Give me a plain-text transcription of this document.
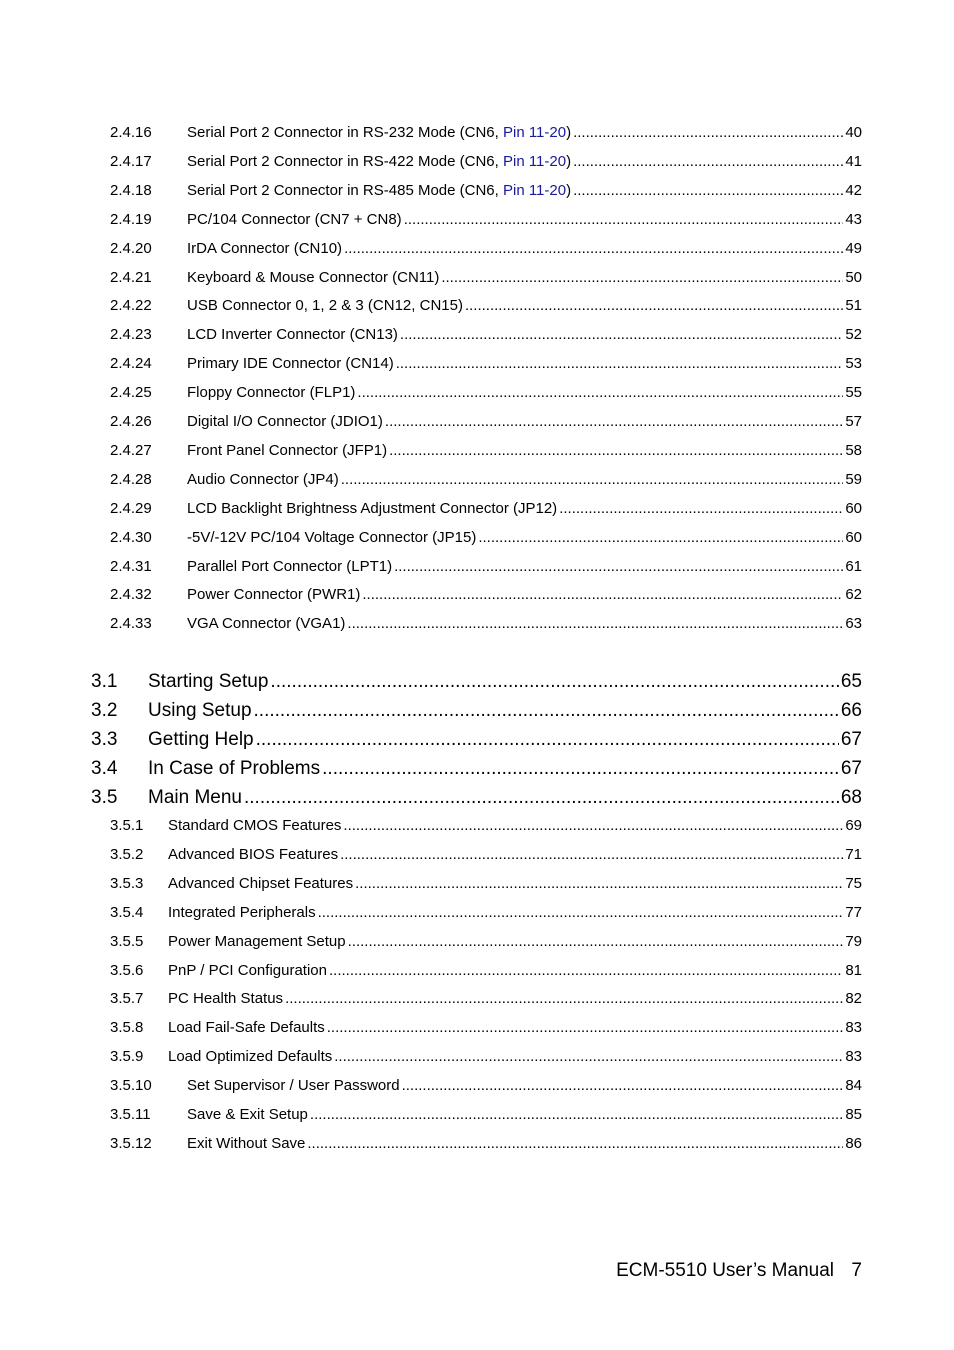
2.4.16 Serial Port 2 Connector in RS-232 Mode (CN6, Pin 11-20) .....	40
2.4.17 Serial Port 2 Connector in RS-422 Mode (CN6, Pin 11-20) .....	41
2.4.18 Serial Port 2 Connector in RS-485 Mode (CN6, Pin 11-20) .....	42
2.4.19 PC/104 Connector (CN7 + CN8) .....	43
2.4.20 IrDA Connector (CN10) .....	49
2.4.21 Keyboard & Mouse Connector (CN11) .....	50
2.4.22 USB Connector 0, 1, 2 & 3 (CN12, CN15) .....	51
2.4.23 LCD Inverter Connector (CN13) .....	52
2.4.24 Primary IDE Connector (CN14) .....	53
2.4.25 Floppy Connector (FLP1) .....	55
2.4.26 Digital I/O Connector (JDIO1) .....	57
2.4.27 Front Panel Connector (JFP1) .....	58
2.4.28 Audio Connector (JP4) .....	59
2.4.29 LCD Backlight Brightness Adjustment Connector (JP12) .....	60
2.4.30 -5V/-12V PC/104 Voltage Connector (JP15) .....	60
2.4.31 Parallel Port Connector (LPT1) .....	61
2.4.32 Power Connector (PWR1) .....	62
2.4.33 VGA Connector (VGA1) .....	63
3.1 Starting Setup .....	65
3.2 Using Setup .....	66
3.3 Getting Help .....	67
3.4 In Case of Problems .....	67
3.5 Main Menu .....	68
3.5.1 Standard CMOS Features .....	69
3.5.2 Advanced BIOS Features .....	71
3.5.3 Advanced Chipset Features .....	75
3.5.4 Integrated Peripherals .....	77
3.5.5 Power Management Setup .....	79
3.5.6 PnP / PCI Configuration .....	81
3.5.7 PC Health Status .....	82
3.5.8 Load Fail-Safe Defaults .....	83
3.5.9 Load Optimized Defaults .....	83
3.5.10 Set Supervisor / User Password .....	84
3.5.11 Save & Exit Setup .....	85
3.5.12 Exit Without Save .....	86
ECM-5510 User’s Manual 7
